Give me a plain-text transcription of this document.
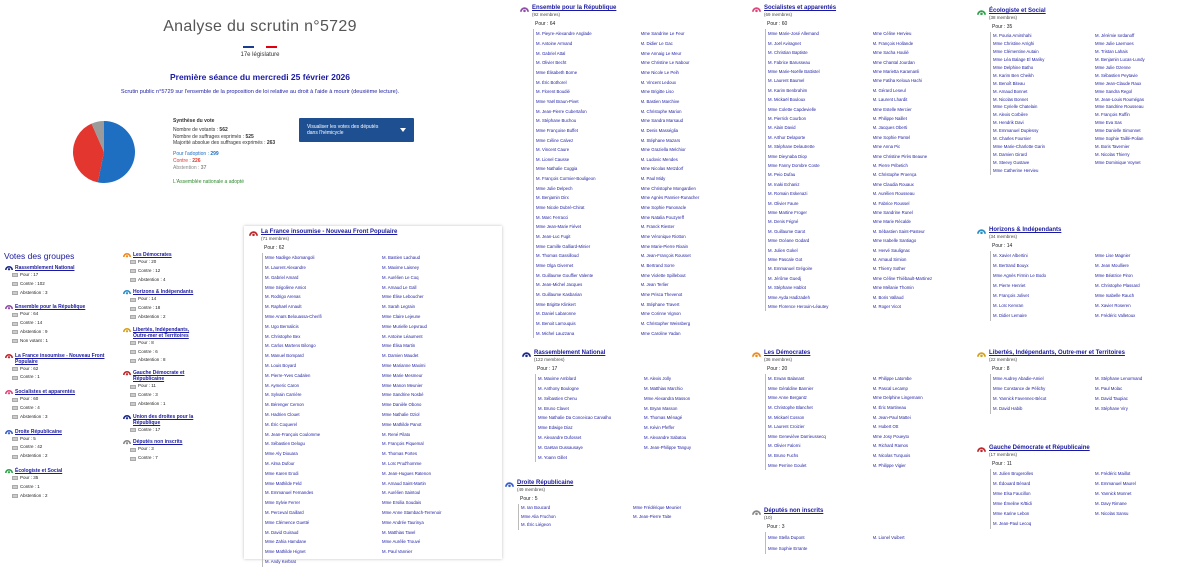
Analyse du scrutin n°5729
17e législature
Première séance du mercredi 25 février 2026
Scrutin public n°5729 sur l'ensemble de la proposition de loi relative au droit à l'aide à mourir (deuxième lecture).
Synthèse du vote
Nombre de votants : 562
Nombre de suffrages exprimés : 525
Majorité absolue des suffrages exprimés : 263
Pour l'adoption : 299
Contre : 226
Abstention : 37
L'Assemblée nationale a adopté
Visualiser les votes des députés dans l'hémicycle
Votes des groupes
Rassemblement National
Pour : 17
Contre : 102
Abstention : 3
Ensemble pour la République
Pour : 64
Contre : 14
Abstention : 9
Non votant : 1
La France insoumise - Nouveau Front Populaire
Pour : 62
Contre : 1
Socialistes et apparentés
Pour : 60
Contre : 4
Abstention : 3
Droite Républicaine
Pour : 5
Contre : 42
Abstention : 2
Écologiste et Social
Pour : 35
Contre : 1
Abstention : 2
Les Démocrates
Pour : 20
Contre : 12
Abstention : 4
Horizons & Indépendants
Pour : 14
Contre : 18
Abstention : 2
Libertés, Indépendants, Outre-mer et Territoires
Pour : 8
Contre : 6
Abstention : 8
Gauche Démocrate et Républicaine
Pour : 11
Contre : 3
Abstention : 1
Union des droites pour la République
Contre : 17
Députés non inscrits
Pour : 3
Contre : 7
Ensemble pour la République
(92 membres)
Pour : 64
M. Pieyre-Alexandre Anglade
M. Antoine Armand
M. Gabriel Attal
M. Olivier Becht
Mme Élisabeth Borne
M. Éric Bothorel
M. Florent Boudié
Mme Yaël Braun-Pivet
M. Jean-Pierre Cubertafon
M. Stéphane Buchou
Mme Françoise Buffet
Mme Céline Calvez
M. Vincent Caure
M. Lionel Causse
Mme Nathalie Coggia
M. François Cormier-Bouligeon
Mme Julie Delpech
M. Benjamin Dirx
Mme Nicole Dubré-Chirat
M. Marc Ferracci
Mme Jean-Marie Fiévet
M. Jean-Luc Fugit
Mme Camille Galliard-Minier
M. Thomas Gassilloud
Mme Olga Givernet
M. Guillaume Gouffier Valente
M. Jean-Michel Jacques
M. Guillaume Kasbarian
Mme Brigitte Klinkert
M. Daniel Labaronne
M. Benoit Larrouquis
M. Michel Lauzzana
Mme Sandrine Le Feur
M. Didier Le Gac
Mme Annaig Le Meur
Mme Christine Le Nabour
Mme Nicole Le Peih
M. Vincent Ledoux
Mme Brigitte Liso
M. Bastien Marchive
M. Christophe Marion
Mme Sandra Marsaud
M. Denis Masséglia
M. Stéphane Mazars
Mme Graziella Melchior
M. Ludovic Mendes
Mme Nicolas Metzdorf
M. Paul Midy
Mme Christophe Mongardien
Mme Agnès Pannier-Runacher
Mme Sophie Panonacle
Mme Natalia Pouzyreff
M. Franck Riester
Mme Véronique Riotton
Mme Marie-Pierre Rixain
M. Jean-François Rousset
M. Bertrand Sorre
Mme Violette Spillebout
M. Jean Terlier
Mme Prisca Thevenot
M. Stéphane Travert
Mme Corinne Vignon
M. Christopher Weissberg
Mme Caroline Yadan
Socialistes et apparentés
(69 membres)
Pour : 60
Mme Marie-José Allemand
M. Joël Aviragnet
M. Christian Baptiste
M. Fabrice Barusseau
Mme Marie-Noëlle Battistel
M. Laurent Baumel
M. Karim Benbrahim
M. Mickaël Bouloux
Mme Colette Capdevielle
M. Pierrick Courbon
M. Alain David
M. Arthur Delaporte
M. Stéphane Delautrette
Mme Dieynaba Diop
Mme Fanny Dombre Coste
M. Peio Dufau
M. Inaki Echaniz
M. Romain Eskenazi
M. Olivier Faure
Mme Martine Froger
M. Denis Fégné
M. Guillaume Garot
Mme Océane Godard
M. Julien Gokel
Mme Pascale Got
M. Emmanuel Grégoire
M. Jérôme Guedj
M. Stéphane Hablot
Mme Ayda Hadizadeh
Mme Florence Herouin-Léautey
Mme Céline Hervieu
M. François Hollande
Mme Sacha Houlié
Mme Chantal Jourdan
Mme Marietta Karamanli
Mme Fatiha Keloua Hachi
M. Gérard Leseul
M. Laurent Lhardit
Mme Estelle Mercier
M. Philippe Naillet
M. Jacques Oberti
Mme Sophie Pantel
Mme Anna Pic
Mme Christine Pirès Beaune
M. Pierre Pribetich
M. Christophe Proença
Mme Claudia Rouaux
M. Aurélien Rousseau
M. Fabrice Roussel
Mme Sandrine Runel
Mme Marie Récalde
M. Sébastien Saint-Pasteur
Mme Isabelle Santiago
M. Hervé Saulignac
M. Arnaud Simion
M. Thierry Sother
Mme Céline Thiébault-Martinez
Mme Mélanie Thomin
M. Boris Vallaud
M. Roger Vicot
Écologiste et Social
(38 membres)
Pour : 35
M. Pouria Amirshahi
Mme Christine Arrighi
Mme Clémentine Autain
Mme Léa Balage El Mariky
Mme Delphine Batho
M. Karim Ben Cheikh
M. Benoît Biteau
M. Arnaud Bonnet
M. Nicolas Bonnet
Mme Cyrielle Chatelain
M. Alexis Corbière
M. Hendrik Davi
M. Emmanuel Duplessy
M. Charles Fournier
Mme Marie-Charlotte Garin
M. Damien Girard
M. Steevy Gustave
Mme Catherine Hervieu
M. Jérémie Iordanoff
Mme Julie Laernoes
M. Tristan Lahais
M. Benjamin Lucas-Lundy
Mme Julie Ozenne
M. Sébastien Peytavie
Mme Jean-Claude Raux
Mme Sandra Regol
M. Jean-Louis Roumégas
Mme Sandrine Rousseau
M. François Ruffin
Mme Eva Sas
Mme Danielle Simonnet
Mme Sophie Taillé-Polian
M. Boris Tavernier
M. Nicolas Thierry
Mme Dominique Voynet
Horizons & Indépendants
(34 membres)
Pour : 14
M. Xavier Albertini
M. Bertrand Bouyx
Mme Agnès Firmin Le Bodo
M. Pierre Henriet
M. François Jolivet
M. Loïc Kervran
M. Didier Lemaire
Mme Lise Magnier
M. Jean Moulliere
Mme Béatrice Piron
M. Christophe Plassard
Mme Isabelle Rauch
M. Xavier Roseren
M. Frédéric Valletoux
Libertés, Indépendants, Outre-mer et Territoires
(22 membres)
Pour : 8
Mme Audrey Abadie-Amiel
Mme Constance de Pélichy
M. Yannick Favennec-Bécot
M. David Habib
M. Stéphane Lenormand
M. Paul Molac
M. David Taupiac
M. Stéphane Viry
Gauche Démocrate et Républicaine
(17 membres)
Pour : 11
M. Julien Brugerolles
M. Édouard Bénard
Mme Elsa Faucillon
Mme Émeline K/Bidi
Mme Karine Lebon
M. Jean-Paul Lecoq
M. Frédéric Maillot
M. Emmanuel Maurel
M. Yannick Monnet
M. Davy Rimane
M. Nicolas Sansu
Rassemblement National
(122 membres)
Pour : 17
M. Maxime Amblard
M. Anthony Boulogne
M. Sébastien Chenu
M. Bruno Clavet
Mme Nathalie Da Conceicao Carvalho
Mme Edwige Diaz
M. Alexandre Dufosset
M. Gaëtan Dussausaye
M. Yoann Gillet
M. Alexis Jolly
M. Matthias Marchio
Mme Alexandra Masson
M. Bryan Masson
M. Thomas Ménagé
M. Kévin Pfeffer
M. Alexandre Sabatou
M. Jean-Philippe Tanguy
Les Démocrates
(36 membres)
Pour : 20
M. Erwan Balanant
Mme Géraldine Bannier
Mme Anne Bergantz
M. Christophe Blanchet
M. Mickaël Cosson
M. Laurent Croizier
Mme Geneviève Darrieussecq
M. Olivier Falorni
M. Bruno Fuchs
Mme Perrine Goulet
M. Philippe Latombe
M. Pascal Lecamp
Mme Delphine Lingemann
M. Éric Martineau
M. Jean-Paul Mattei
M. Hubert Ott
Mme Josy Poueyto
M. Richard Ramos
M. Nicolas Turquois
M. Philippe Vigier
Droite Républicaine
(49 membres)
Pour : 5
M. Ian Boucard
Mme Alia Fruchon
M. Éric Liégeon
Mme Frédérique Meunier
M. Jean-Pierre Taite
Députés non inscrits
(10)
Pour : 3
Mme Stella Dupont
Mme Sophie Errante
M. Lionel Vuibert
La France insoumise - Nouveau Front Populaire
(71 membres)
Pour : 62
Mme Nadège Abomangoli
M. Laurent Alexandre
M. Gabriel Amard
Mme Ségolène Amiot
M. Rodrigo Arenas
M. Raphaël Arnault
Mme Anaïs Belouassa-Cherifi
M. Ugo Bernalicis
M. Christophe Bex
M. Carlos Martens Bilongo
M. Manuel Bompard
M. Louis Boyard
M. Pierre-Yves Cadalen
M. Aymeric Caron
M. Sylvain Carrière
M. Bérenger Cernon
M. Hadrien Clouet
M. Éric Coquerel
M. Jean-François Coulomme
M. Sébastien Delogu
Mme Aly Diouara
M. Alma Dufour
Mme Karen Erodi
Mme Mathilde Feld
M. Emmanuel Fernandes
Mme Sylvie Ferrer
M. Perceval Gaillard
Mme Clémence Guetté
M. David Guiraud
Mme Zahia Hamdane
Mme Mathilde Hignet
M. Andy Kerbrat
M. Bastien Lachaud
M. Maxime Laisney
M. Aurélien Le Coq
M. Arnaud Le Gall
Mme Élise Leboucher
M. Sarah Legrain
Mme Claire Lejeune
Mme Murielle Lepvraud
M. Antoine Léaument
Mme Élisa Martin
M. Damien Maudet
Mme Marianne Maximi
Mme Marie Mesmeur
Mme Manon Meunier
Mme Sandrine Nosbé
Mme Danièle Obono
Mme Nathalie Oziol
Mme Mathilde Panot
M. René Pilato
M. François Piquemal
M. Thomas Portes
M. Loïc Prud'homme
M. Jean-Hugues Ratenon
M. Arnaud Saint-Martin
M. Aurélien Saintoul
Mme Ersilia Soudais
Mme Anne Stambach-Terrenoir
Mme Andrée Taurinya
M. Matthias Tavel
Mme Aurélie Trouvé
M. Paul Vannier
